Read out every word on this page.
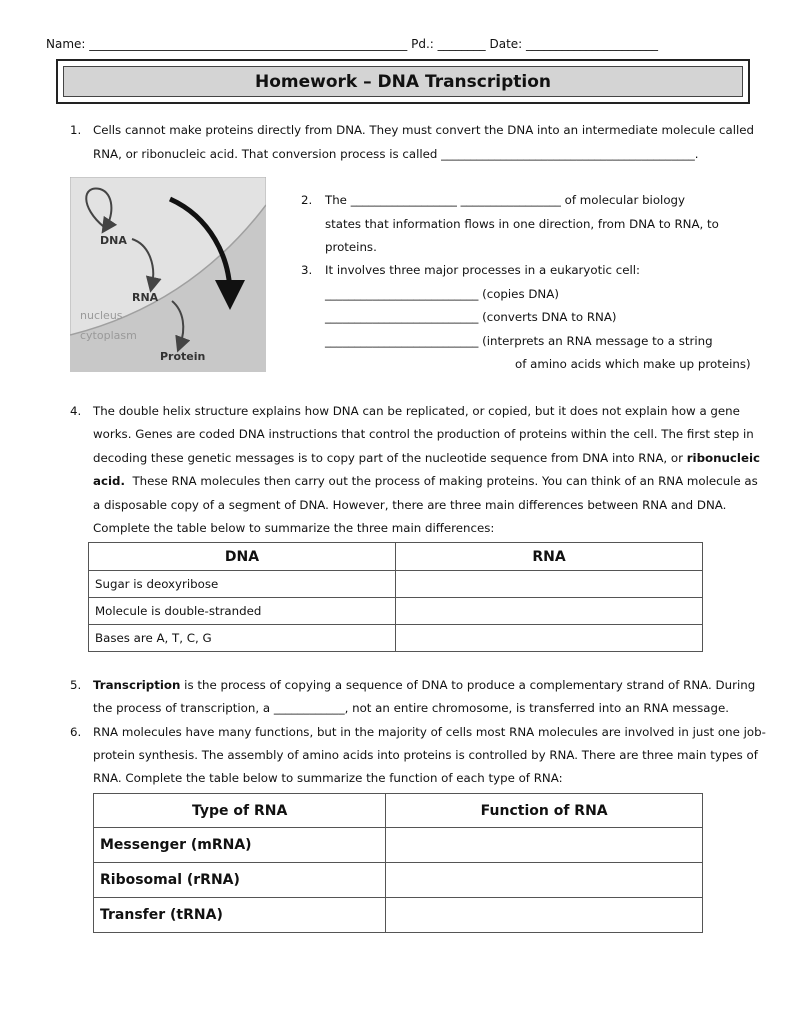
Name: _____________________________________________________ Pd.: ________ Date: ______________________
Homework – DNA Transcription
1. Cells cannot make proteins directly from DNA. They must convert the DNA into an intermediate molecule called
RNA, or ribonucleic acid. That conversion process is called ___________________________________________.
DNA
RNA
nucleus
cytoplasm
Protein
2. The __________________ _________________ of molecular biology
states that information flows in one direction, from DNA to RNA, to
proteins.
3. It involves three major processes in a eukaryotic cell:
__________________________ (copies DNA)
__________________________ (converts DNA to RNA)
__________________________ (interprets an RNA message to a string
of amino acids which make up proteins)
4. The double helix structure explains how DNA can be replicated, or copied, but it does not explain how a gene
works. Genes are coded DNA instructions that control the production of proteins within the cell. The first step in
decoding these genetic messages is to copy part of the nucleotide sequence from DNA into RNA, or ribonucleic
acid. These RNA molecules then carry out the process of making proteins. You can think of an RNA molecule as
a disposable copy of a segment of DNA. However, there are three main differences between RNA and DNA.
Complete the table below to summarize the three main differences:
DNA	RNA
Sugar is deoxyribose	
Molecule is double-stranded	
Bases are A, T, C, G	
5. Transcription is the process of copying a sequence of DNA to produce a complementary strand of RNA. During
the process of transcription, a ____________, not an entire chromosome, is transferred into an RNA message.
6. RNA molecules have many functions, but in the majority of cells most RNA molecules are involved in just one job-
protein synthesis. The assembly of amino acids into proteins is controlled by RNA. There are three main types of
RNA. Complete the table below to summarize the function of each type of RNA:
Type of RNA	Function of RNA
Messenger (mRNA)	
Ribosomal (rRNA)	
Transfer (tRNA)	
